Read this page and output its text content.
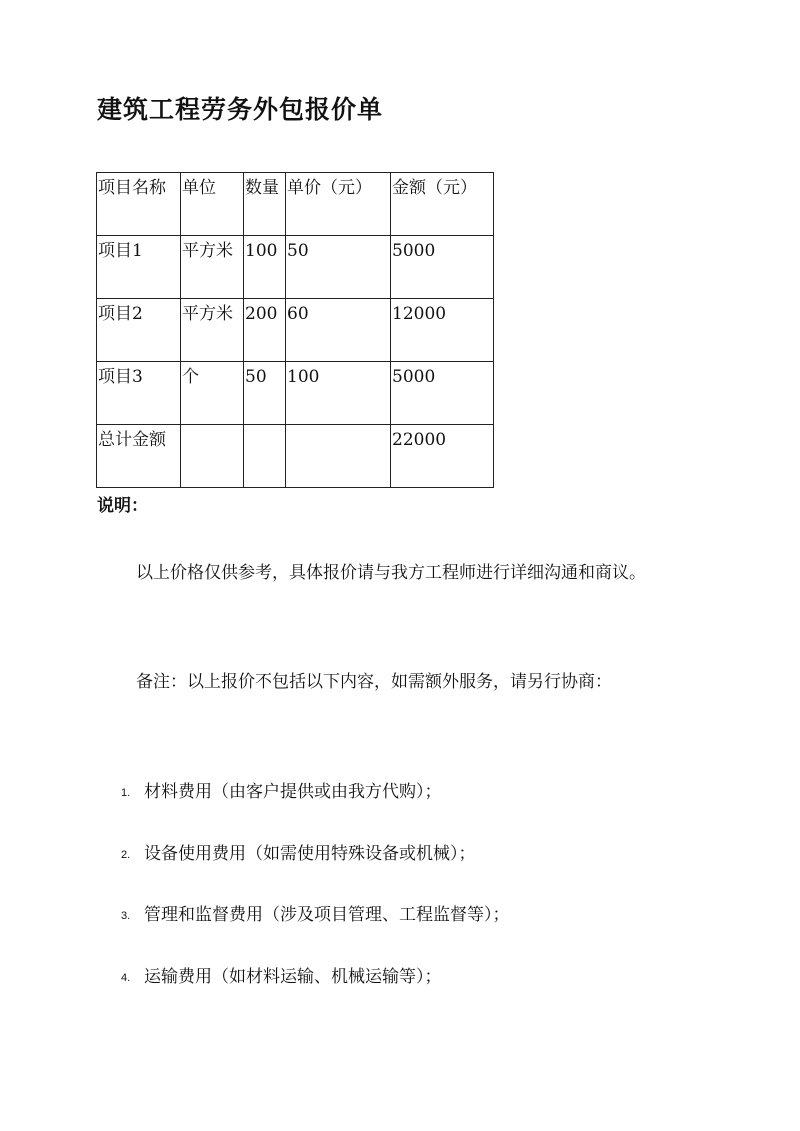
建筑工程劳务外包报价单
项目名称	单位	数量	单价（元）	金额（元）
项目1	平方米	100	50	5000
项目2	平方米	200	60	12000
项目3	个	50	100	5000
总计金额				22000
说明：

以上价格仅供参考，具体报价请与我方工程师进行详细沟通和商议。

备注：以上报价不包括以下内容，如需额外服务，请另行协商：

1. 材料费用（由客户提供或由我方代购）；
2. 设备使用费用（如需使用特殊设备或机械）；
3. 管理和监督费用（涉及项目管理、工程监督等）；
4. 运输费用（如材料运输、机械运输等）；
